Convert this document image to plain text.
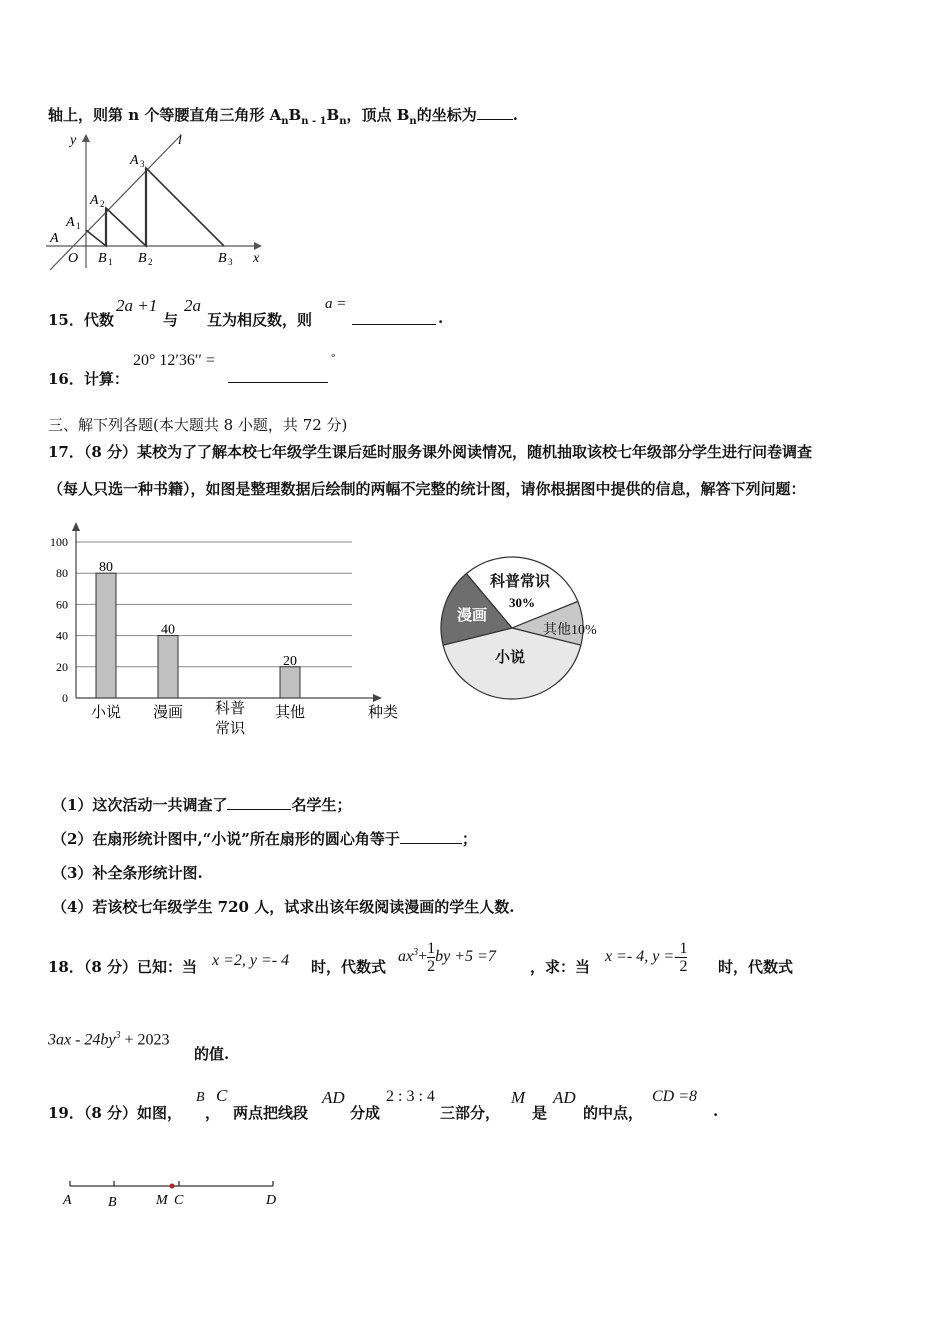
轴上，则第 n 个等腰直角三角形 $A_nB_{n - 1}B_n$，顶点 $B_n$的坐标为 .
y	l
x
O
A
A 1
A 2
A 3
B 1 B 2	B 3
15．代数
2a +1
与
2a
互为相反数，则
a =
.
16．计算：
20° 12′36′′ =	°
三、解下列各题(本大题共 8 小题，共 72 分)
17．（8 分）某校为了了解本校七年级学生课后延时服务课外阅读情况，随机抽取该校七年级部分学生进行问卷调查
（每人只选一种书籍），如图是整理数据后绘制的两幅不完整的统计图，请你根据图中提供的信息，解答下列问题：
80
40
20
0
20
40
60
80
100
小说 漫画 科普
常识
其他	种类
科普常识
30%
其他10%
小说
漫画
（1）这次活动一共调查了	名学生；
（2）在扇形统计图中,“小说”所在扇形的圆心角等于	；
（3）补全条形统计图.
（4）若该校七年级学生 720 人，试求出该年级阅读漫画的学生人数.
18．（8 分）已知：当 x =2, y =- 4 时，代数式
$ax^3+ \frac{1}{2}$ by +5 =7
，求：当
x =- 4, $y =- \frac{1}{2}$ 时，代数式
$3ax - 24by^3 + 2023$
的值.
19．（8 分）如图，
B
，
C
两点把线段
AD
分成
2 : 3 : 4
三部分，
M
是
AD
的中点，
CD =8
.
A	B	M C	D
